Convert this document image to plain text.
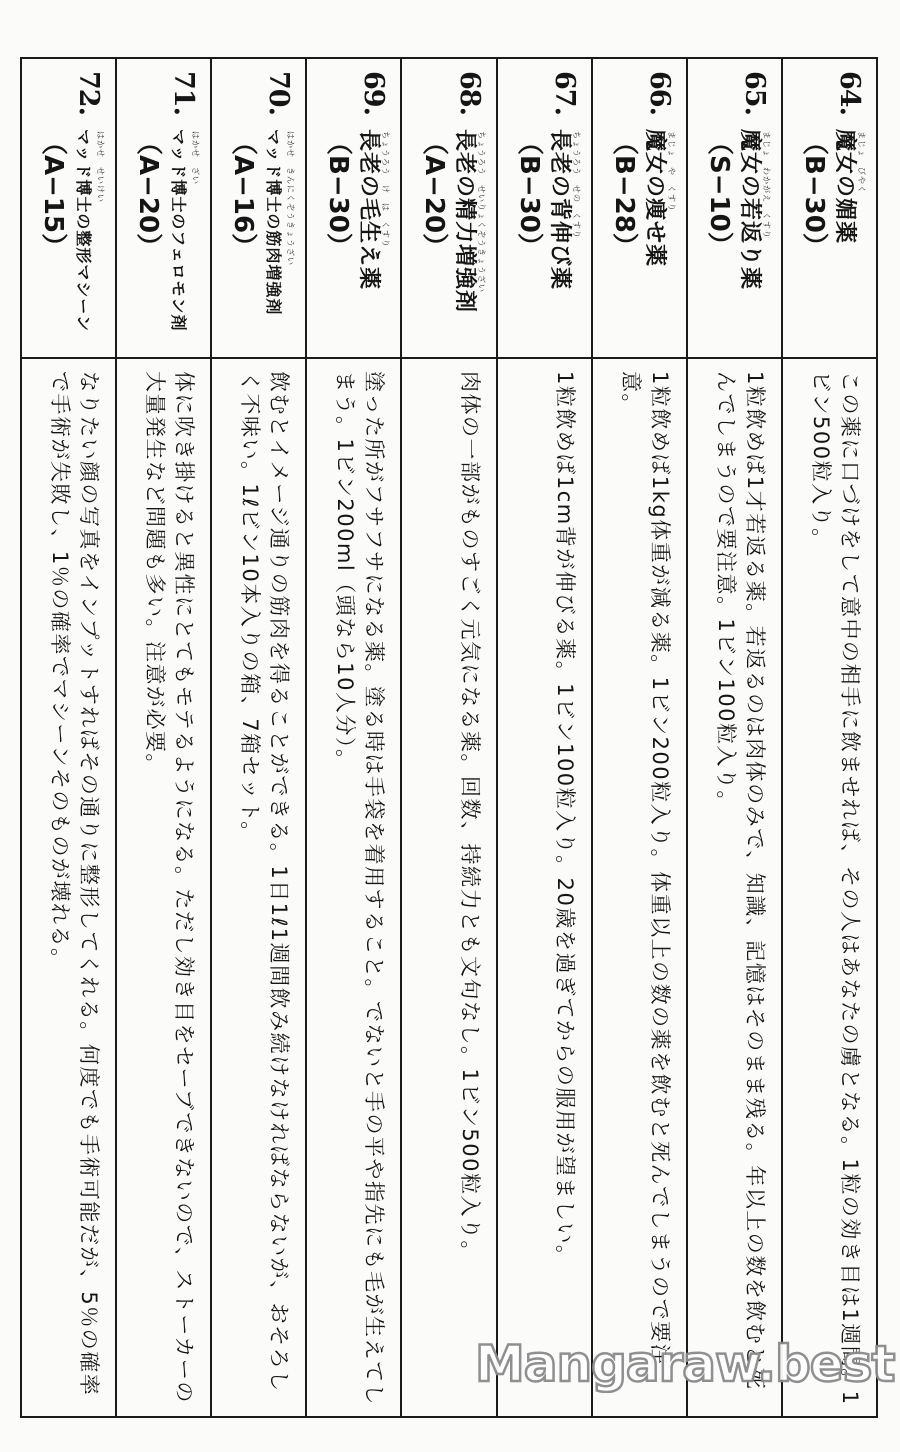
64.
まじょ　びやく
魔女の媚薬
（B−30）	この薬に口づけをして意中の相手に飲ませれば、その人はあなたの虜となる。1粒の効き目は1週間。1ビン500粒入り。

65.
まじょ　わかがえ　くすり
魔女の若返り薬
（S−10）	1粒飲めば1才若返る薬。若返るのは肉体のみで、知識、記憶はそのまま残る。年以上の数を飲むと死んでしまうので要注意。1ビン100粒入り。

66.
まじょ　や　くすり
魔女の痩せ薬
（B−28）	1粒飲めば1kg体重が減る薬。1ビン200粒入り。体重以上の数の薬を飲むと死んでしまうので要注意。

67.
ちょうろう　せの　くすり
長老の背伸び薬
（B−30）	1粒飲めば1cm背が伸びる薬。1ビン100粒入り。20歳を過ぎてからの服用が望ましい。

68.
ちょうろう　せいりょくぞうきょうざい
長老の精力増強剤
（A−20）	肉体の一部がものすごく元気になる薬。回数、持続力とも文句なし。1ビン500粒入り。

69.
ちょうろう　け　は　くすり
長老の毛生え薬
（B−30）	塗った所がフサフサになる薬。塗る時は手袋を着用すること。でないと手の平や指先にも毛が生えてしまう。1ビン200ml（頭なら10人分）。

70.
はかせ　きんにくぞうきょうざい
マッド博士の筋肉増強剤
（A−16）	飲むとイメージ通りの筋肉を得ることができる。1日1ℓ1週間飲み続けなければならないが、おそろしく不味い。1ℓビン10本入りの箱、7箱セット。

71.
はかせ　ざい
マッド博士のフェロモン剤
（A−20）	体に吹き掛けると異性にとてもモテるようになる。ただし効き目をセーブできないので、ストーカーの大量発生など問題も多い。注意が必要。

72.
はかせ　せいけい
マッド博士の整形マシーン
（A−15）	なりたい顔の写真をインプットすればその通りに整形してくれる。何度でも手術可能だが、5％の確率で手術が失敗し、1％の確率でマシーンそのものが壊れる。
Mangaraw.best
